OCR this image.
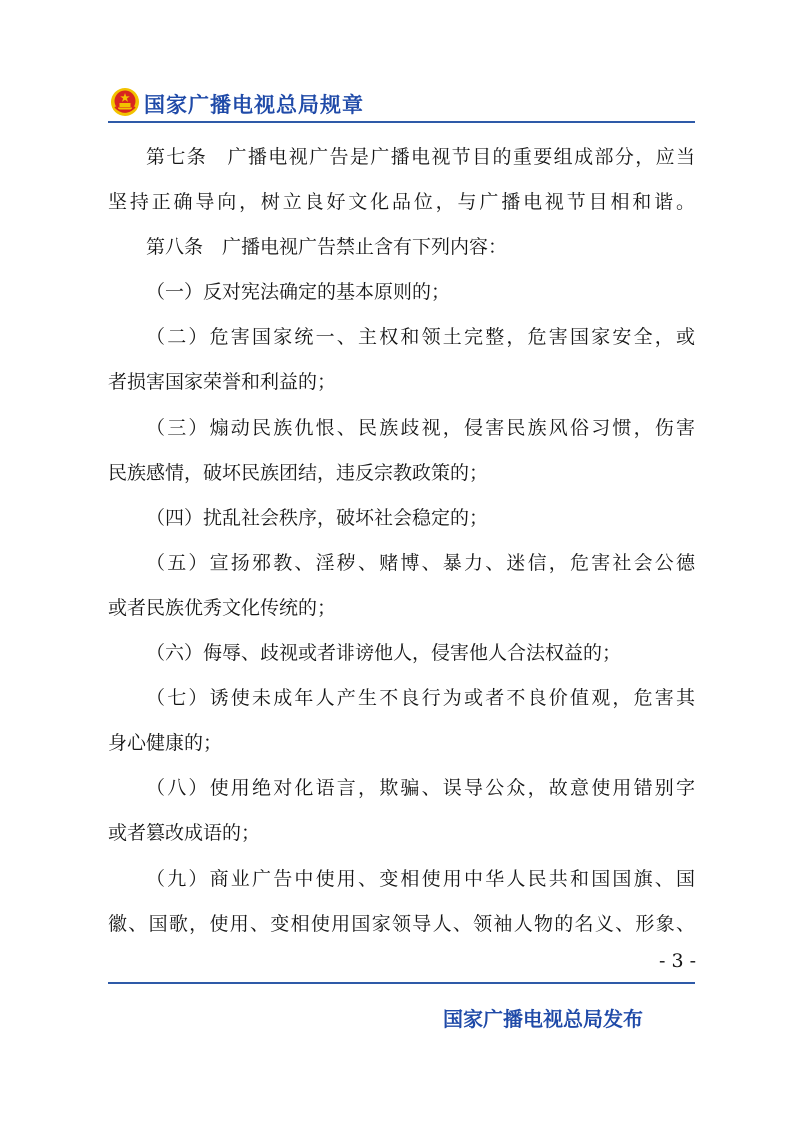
国家广播电视总局规章
第七条　广播电视广告是广播电视节目的重要组成部分，应当
坚持正确导向，树立良好文化品位，与广播电视节目相和谐。
第八条　广播电视广告禁止含有下列内容：
（一）反对宪法确定的基本原则的；
（二）危害国家统一、主权和领土完整，危害国家安全，或
者损害国家荣誉和利益的；
（三）煽动民族仇恨、民族歧视，侵害民族风俗习惯，伤害
民族感情，破坏民族团结，违反宗教政策的；
（四）扰乱社会秩序，破坏社会稳定的；
（五）宣扬邪教、淫秽、赌博、暴力、迷信，危害社会公德
或者民族优秀文化传统的；
（六）侮辱、歧视或者诽谤他人，侵害他人合法权益的；
（七）诱使未成年人产生不良行为或者不良价值观，危害其
身心健康的；
（八）使用绝对化语言，欺骗、误导公众，故意使用错别字
或者篡改成语的；
（九）商业广告中使用、变相使用中华人民共和国国旗、国
徽、国歌，使用、变相使用国家领导人、领袖人物的名义、形象、
- 3 -
国家广播电视总局发布
